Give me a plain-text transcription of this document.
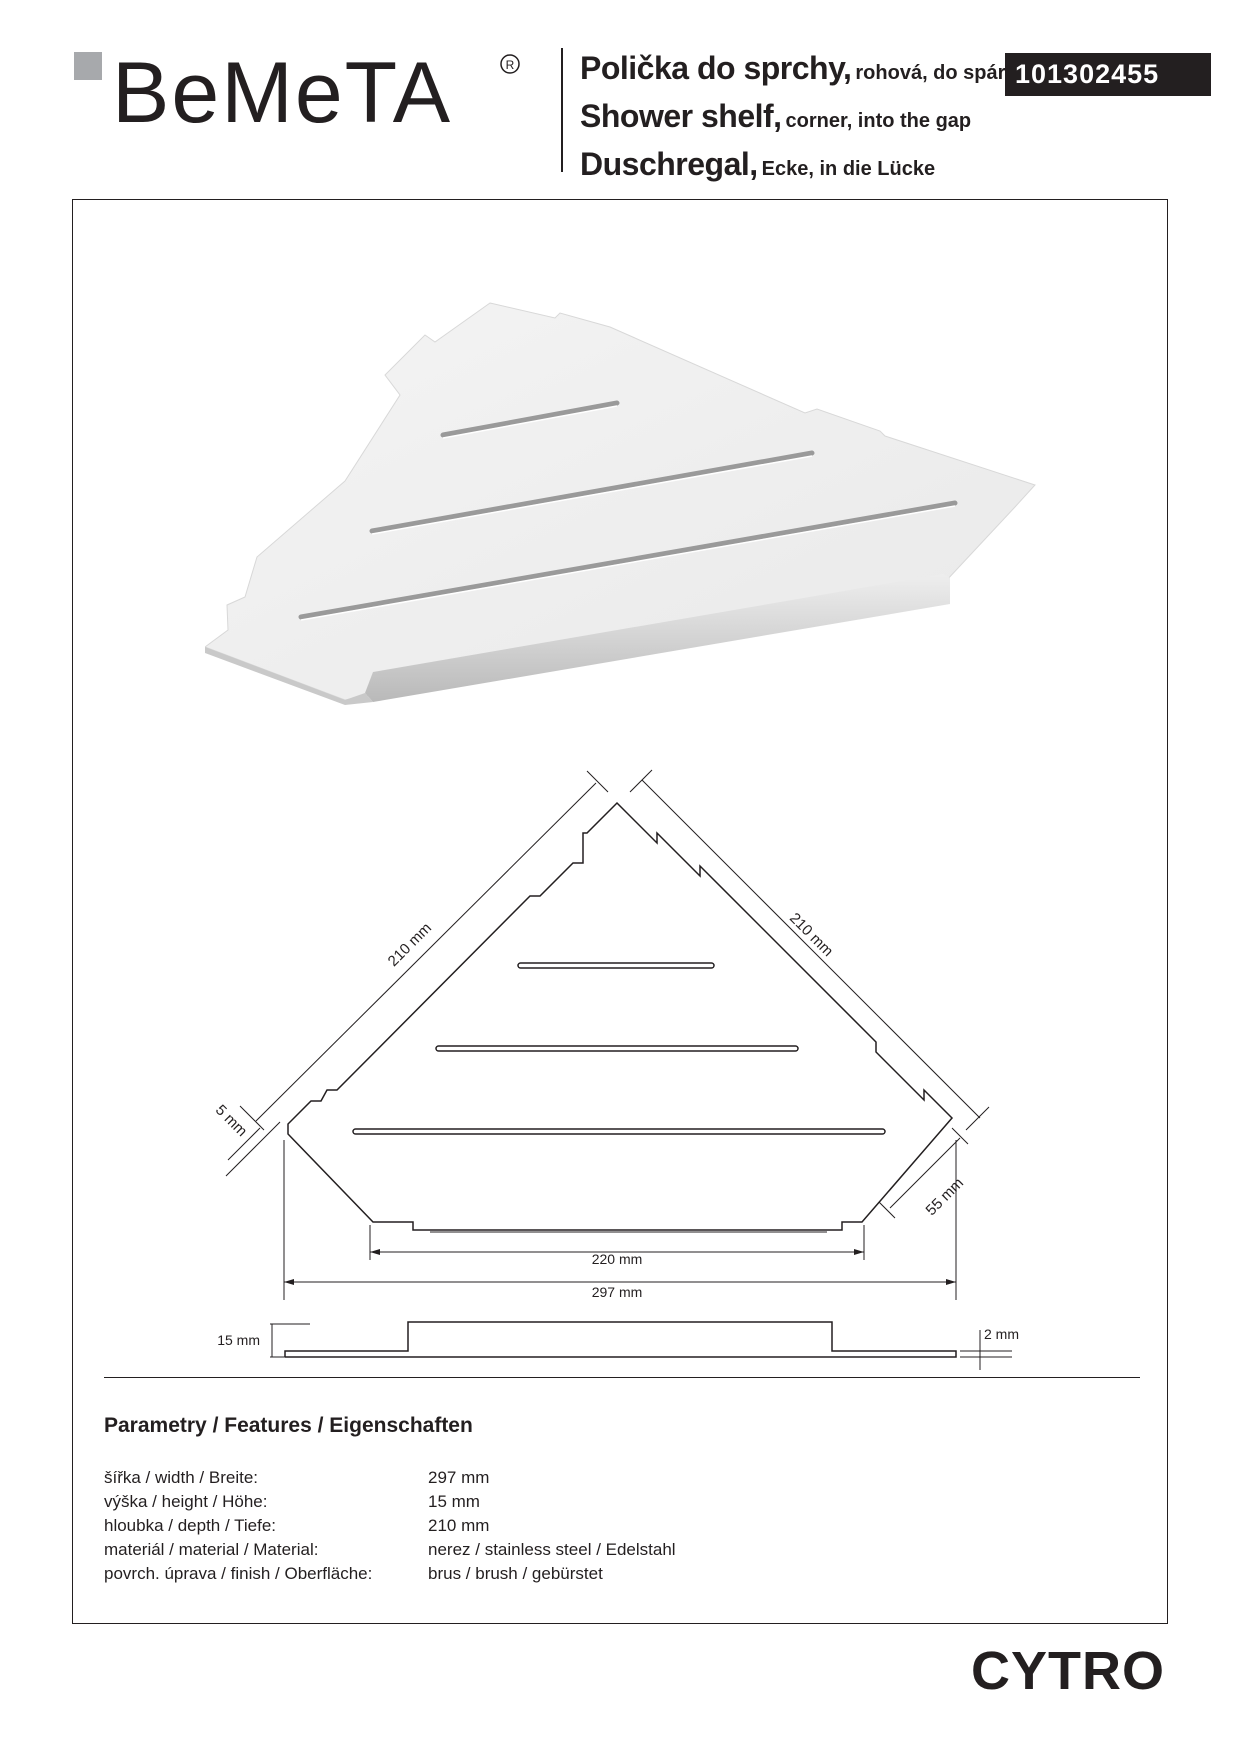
BeMeTA	R Polička do sprchy, rohová, do spár
Shower shelf, corner, into the gap
Duschregal, Ecke, in die Lücke
101302455
210 mm	210 mm
5 mm
55 mm
220 mm
297 mm
15 mm	2 mm
Parametry / Features / Eigenschaften
šířka / width / Breite:	297 mm
výška / height / Höhe:	15 mm
hloubka / depth / Tiefe:	210 mm
materiál / material / Material:	nerez / stainless steel / Edelstahl
povrch. úprava / finish / Oberfläche:	brus / brush / gebürstet
CYTRO
